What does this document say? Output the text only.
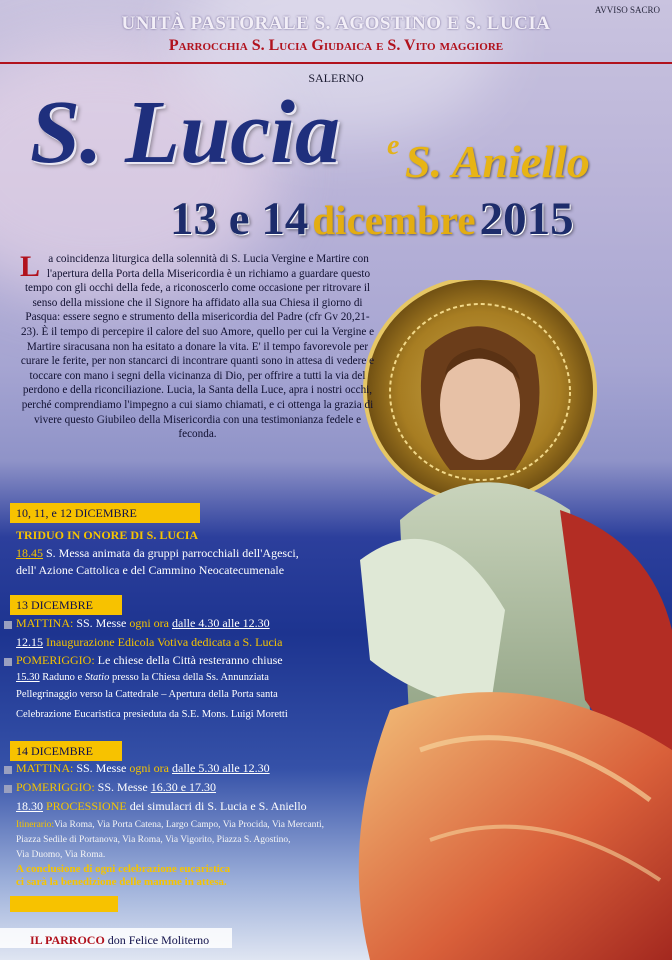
AVVISO SACRO
UNITÀ PASTORALE S. AGOSTINO E S. LUCIA
Parrocchia S. Lucia Giudaica e S. Vito maggiore
SALERNO
S. Lucia e S. Aniello
13 e 14 dicembre 2015
La coincidenza liturgica della solennità di S. Lucia Vergine e Martire con l'apertura della Porta della Misericordia è un richiamo a guardare questo tempo con gli occhi della fede, a riconoscerlo come occasione per ritrovare il senso della missione che il Signore ha affidato alla sua Chiesa il giorno di Pasqua: essere segno e strumento della misericordia del Padre (cfr Gv 20,21-23). È il tempo di percepire il calore del suo Amore, quello per cui la Vergine e Martire siracusana non ha esitato a donare la vita. E' il tempo favorevole per curare le ferite, per non stancarci di incontrare quanti sono in attesa di vedere e toccare con mano i segni della vicinanza di Dio, per offrire a tutti la via del perdono e della riconciliazione. Lucia, la Santa della Luce, apra i nostri occhi, perché comprendiamo l'impegno a cui siamo chiamati, e ci ottenga la grazia di vivere questo Giubileo della Misericordia con una testimonianza fedele e feconda.
10, 11, e 12 DICEMBRE
TRIDUO IN ONORE DI S. LUCIA
18.45 S. Messa animata da gruppi parrocchiali dell'Agesci,
dell' Azione Cattolica e del Cammino Neocatecumenale
13 DICEMBRE
MATTINA: SS. Messe ogni ora dalle 4.30 alle 12.30
12.15 Inaugurazione Edicola Votiva dedicata a S. Lucia
POMERIGGIO: Le chiese della Città resteranno chiuse
15.30 Raduno e Statio presso la Chiesa della Ss. Annunziata
Pellegrinaggio verso la Cattedrale – Apertura della Porta santa
Celebrazione Eucaristica presieduta da S.E. Mons. Luigi Moretti
14 DICEMBRE
MATTINA: SS. Messe ogni ora dalle 5.30 alle 12.30
POMERIGGIO: SS. Messe 16.30 e 17.30
18.30 PROCESSIONE dei simulacri di S. Lucia e S. Aniello
Itinerario:Via Roma, Via Porta Catena, Largo Campo, Via Procida, Via Mercanti,
Piazza Sedile di Portanova, Via Roma, Via Vigorito, Piazza S. Agostino,
Via Duomo, Via Roma.
A conclusione di ogni celebrazione eucaristica
ci sarà la benedizione delle mamme in attesa.
IL PARROCO don Felice Moliterno
